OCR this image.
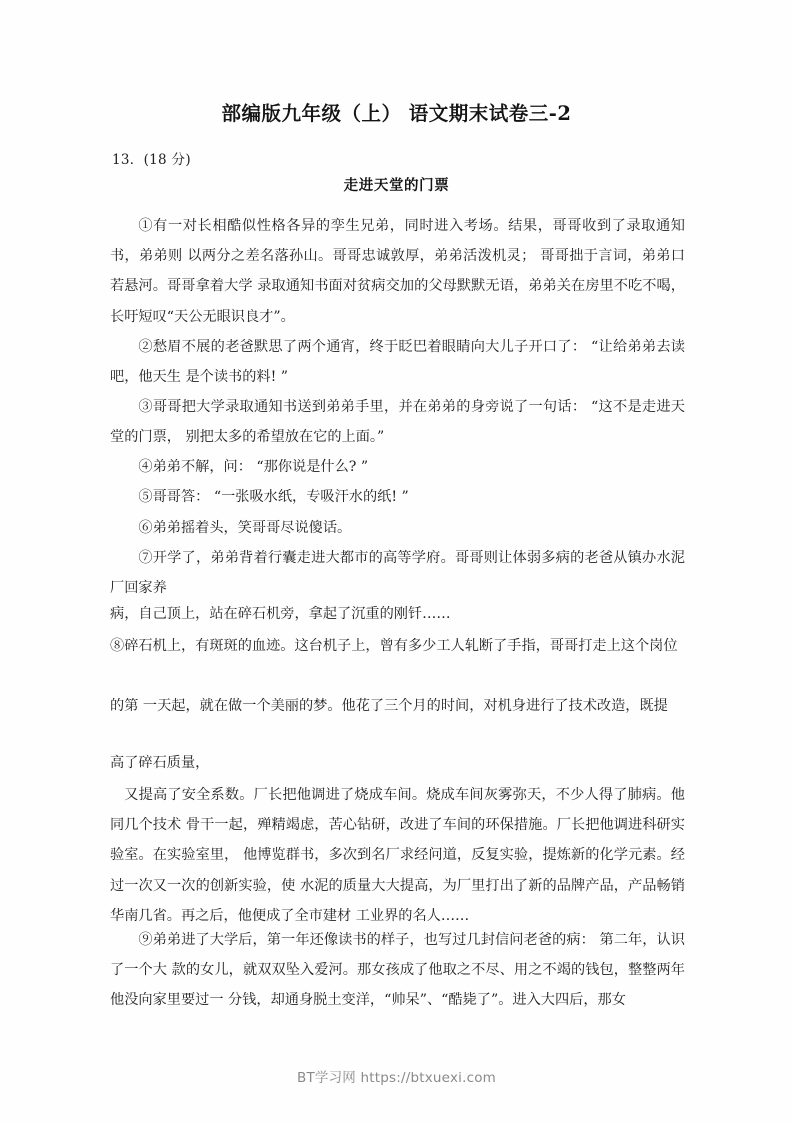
部编版九年级（上） 语文期末试卷三-2
13．(18 分)
走进天堂的门票

①有一对长相酷似性格各异的孪生兄弟，同时进入考场。结果，哥哥收到了录取通知书，弟弟则 以两分之差名落孙山。哥哥忠诚敦厚，弟弟活泼机灵； 哥哥拙于言词，弟弟口若悬河。哥哥拿着大学 录取通知书面对贫病交加的父母默默无语，弟弟关在房里不吃不喝，长吁短叹“天公无眼识良才”。

②愁眉不展的老爸默思了两个通宵，终于眨巴着眼睛向大儿子开口了： “让给弟弟去读吧，他天生 是个读书的料! ”

③哥哥把大学录取通知书送到弟弟手里，并在弟弟的身旁说了一句话： “这不是走进天堂的门票， 别把太多的希望放在它的上面。”

④弟弟不解，问： “那你说是什么? ”

⑤哥哥答： “一张吸水纸，专吸汗水的纸! ”

⑥弟弟摇着头，笑哥哥尽说傻话。

⑦开学了，弟弟背着行囊走进大都市的高等学府。哥哥则让体弱多病的老爸从镇办水泥厂回家养

病，自己顶上，站在碎石机旁，拿起了沉重的刚钎……

⑧碎石机上，有斑斑的血迹。这台机子上，曾有多少工人轧断了手指，哥哥打走上这个岗位

的第 一天起，就在做一个美丽的梦。他花了三个月的时间，对机身进行了技术改造，既提

高了碎石质量，

又提高了安全系数。厂长把他调进了烧成车间。烧成车间灰雾弥天，不少人得了肺病。他同几个技术 骨干一起，殚精竭虑，苦心钻研，改进了车间的环保措施。厂长把他调进科研实验室。在实验室里， 他博览群书，多次到名厂求经问道，反复实验，提炼新的化学元素。经过一次又一次的创新实验，使 水泥的质量大大提高，为厂里打出了新的品牌产品，产品畅销华南几省。再之后，他便成了全市建材 工业界的名人……

⑨弟弟进了大学后，第一年还像读书的样子，也写过几封信问老爸的病： 第二年，认识了一个大 款的女儿，就双双坠入爱河。那女孩成了他取之不尽、用之不竭的钱包，整整两年他没向家里要过一 分钱，却通身脱土变洋，“帅呆”、“酷毙了”。进入大四后，那女

BT学习网 https://btxuexi.com
